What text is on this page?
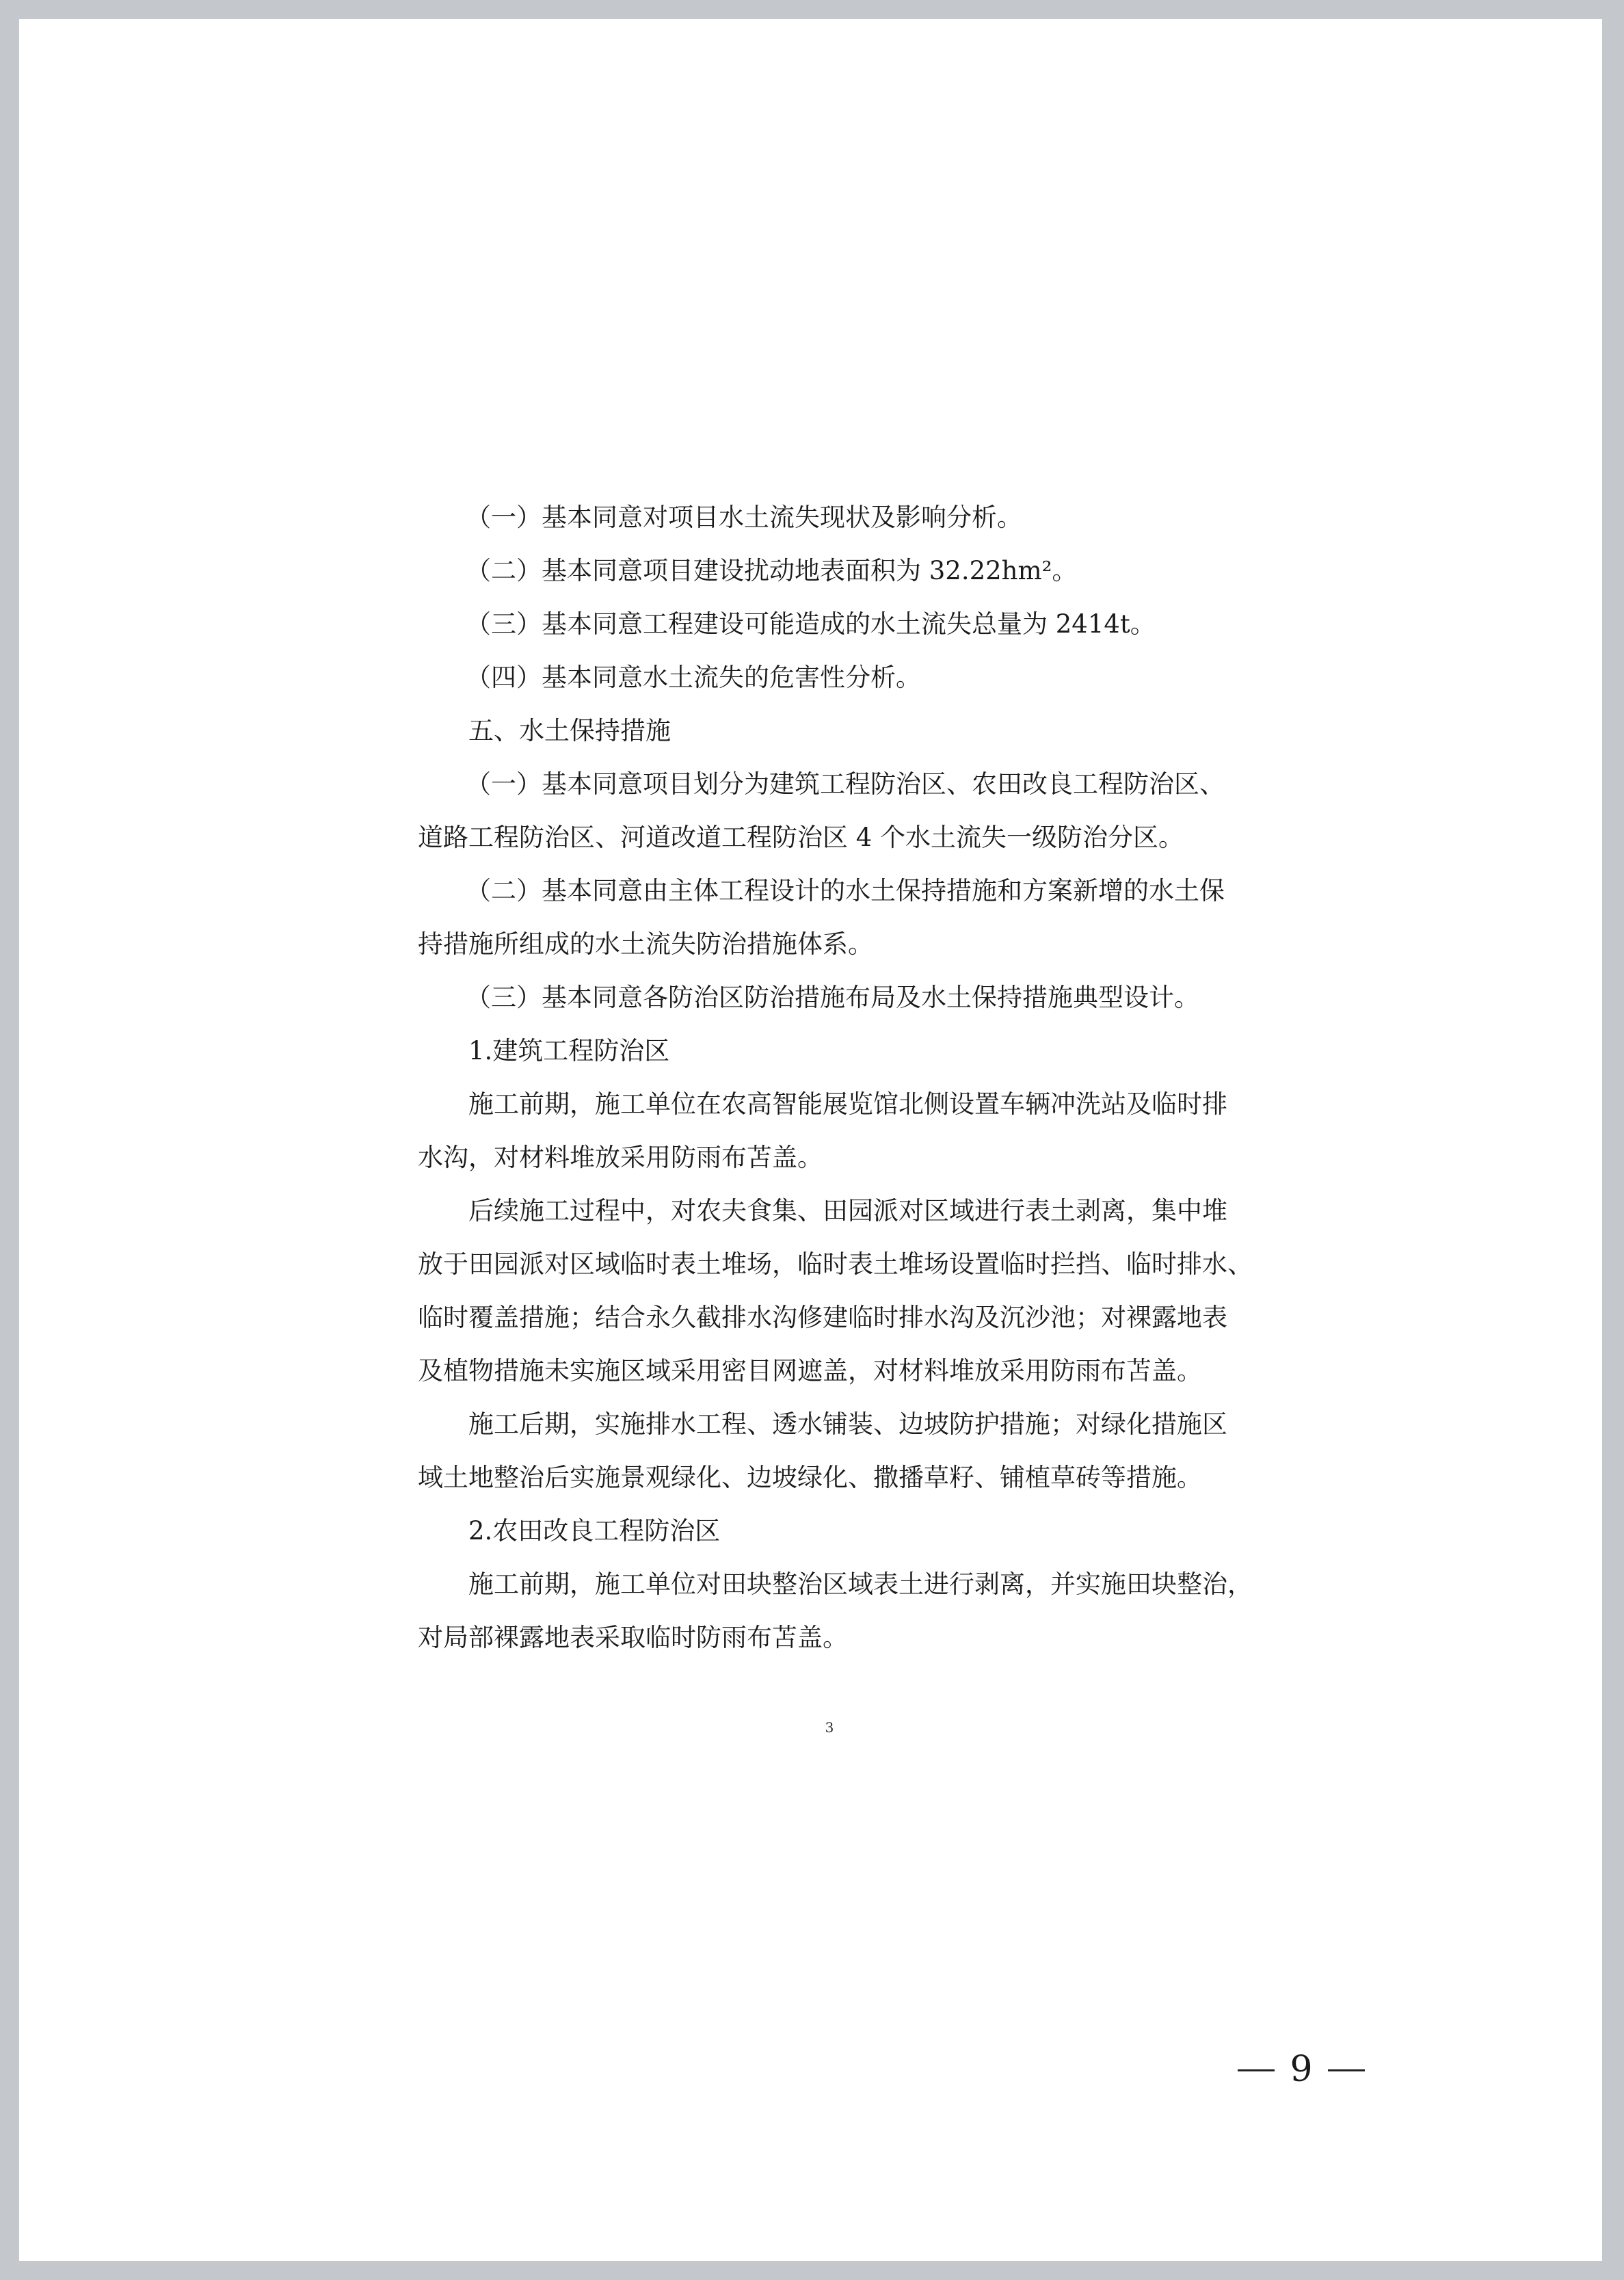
（一）基本同意对项目水土流失现状及影响分析。
（二）基本同意项目建设扰动地表面积为 32.22hm²。
（三）基本同意工程建设可能造成的水土流失总量为 2414t。
（四）基本同意水土流失的危害性分析。
五、水土保持措施
（一）基本同意项目划分为建筑工程防治区、农田改良工程防治区、
道路工程防治区、河道改道工程防治区 4 个水土流失一级防治分区。
（二）基本同意由主体工程设计的水土保持措施和方案新增的水土保
持措施所组成的水土流失防治措施体系。
（三）基本同意各防治区防治措施布局及水土保持措施典型设计。
1.建筑工程防治区
施工前期，施工单位在农高智能展览馆北侧设置车辆冲洗站及临时排
水沟，对材料堆放采用防雨布苫盖。
后续施工过程中，对农夫食集、田园派对区域进行表土剥离，集中堆
放于田园派对区域临时表土堆场，临时表土堆场设置临时拦挡、临时排水、
临时覆盖措施；结合永久截排水沟修建临时排水沟及沉沙池；对裸露地表
及植物措施未实施区域采用密目网遮盖，对材料堆放采用防雨布苫盖。
施工后期，实施排水工程、透水铺装、边坡防护措施；对绿化措施区
域土地整治后实施景观绿化、边坡绿化、撒播草籽、铺植草砖等措施。
2.农田改良工程防治区
施工前期，施工单位对田块整治区域表土进行剥离，并实施田块整治，
对局部裸露地表采取临时防雨布苫盖。
3
9
